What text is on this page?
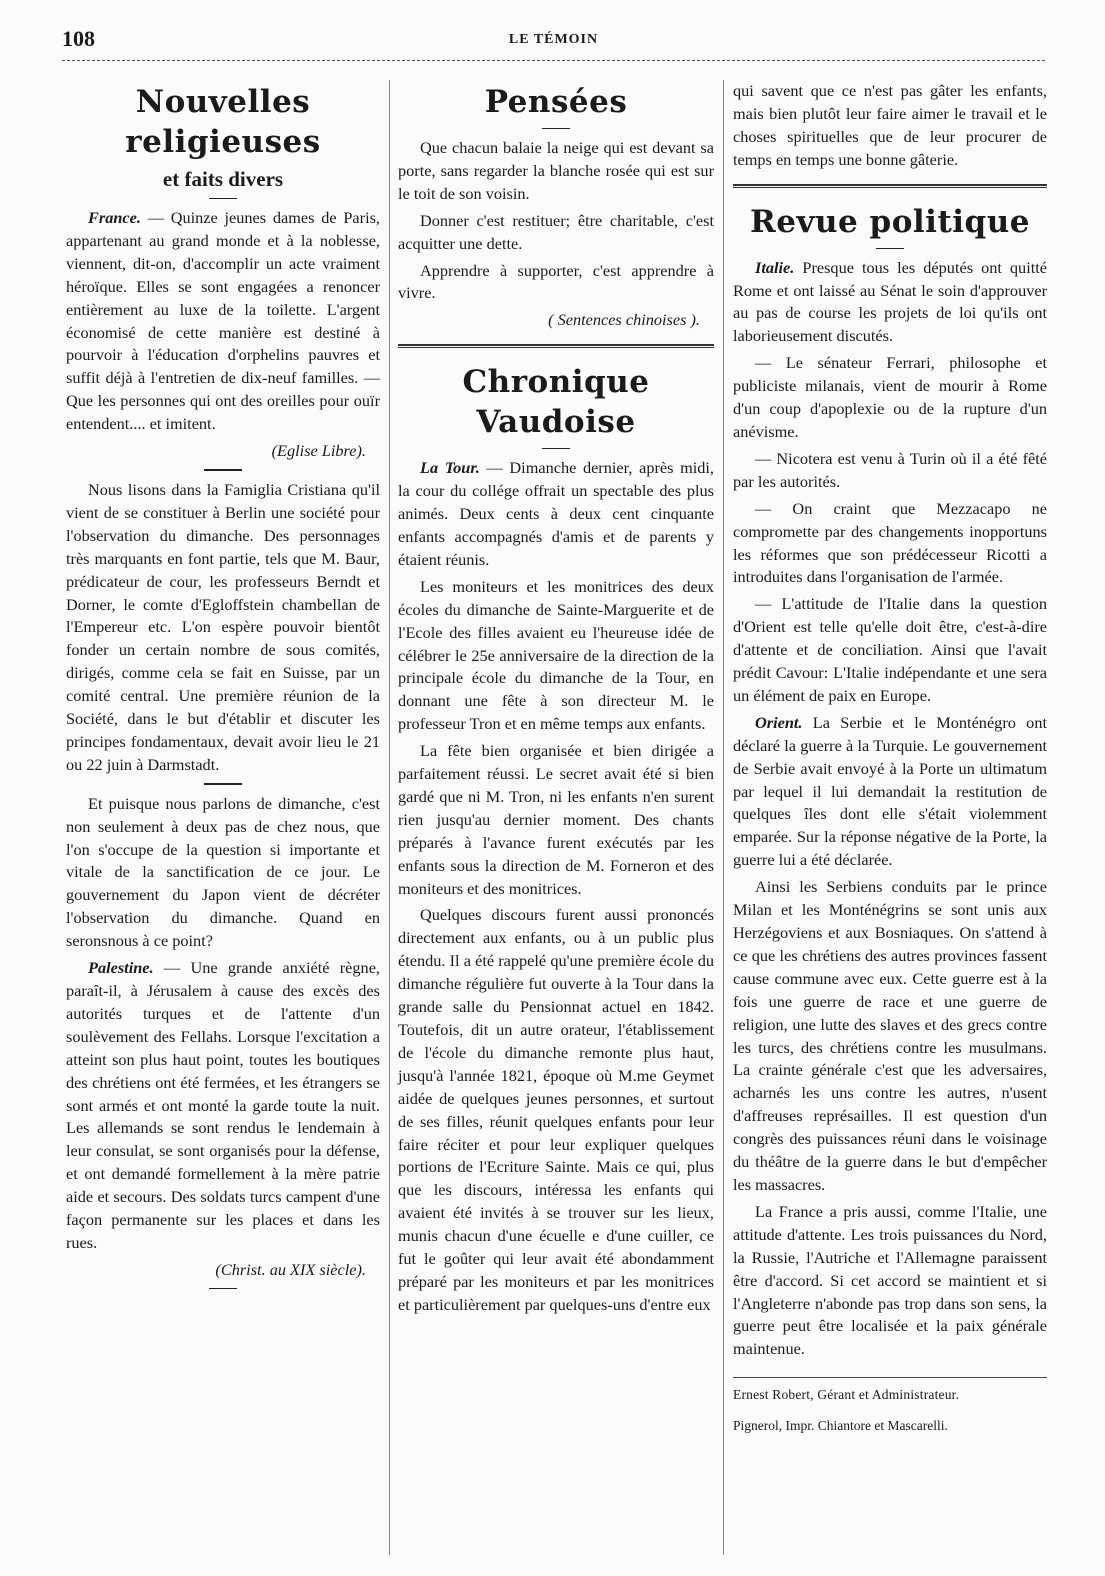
108	LE TÉMOIN
Nouvelles religieuses
et faits divers

France. — Quinze jeunes dames de Paris, appartenant au grand monde et à la noblesse, viennent, dit-on, d'accomplir un acte vraiment héroïque. Elles se sont engagées a renoncer entièrement au luxe de la toilette. L'argent économisé de cette manière est destiné à pourvoir à l'éducation d'orphelins pauvres et suffit déjà à l'entretien de dix-neuf familles. — Que les personnes qui ont des oreilles pour ouïr entendent.... et imitent.

(Eglise Libre).

Nous lisons dans la Famiglia Cristiana qu'il vient de se constituer à Berlin une société pour l'observation du dimanche. Des personnages très marquants en font partie, tels que M. Baur, prédicateur de cour, les professeurs Berndt et Dorner, le comte d'Egloffstein chambellan de l'Empereur etc. L'on espère pouvoir bientôt fonder un certain nombre de sous comités, dirigés, comme cela se fait en Suisse, par un comité central. Une première réunion de la Société, dans le but d'établir et discuter les principes fondamentaux, devait avoir lieu le 21 ou 22 juin à Darmstadt.

Et puisque nous parlons de dimanche, c'est non seulement à deux pas de chez nous, que l'on s'occupe de la question si importante et vitale de la sanctification de ce jour. Le gouvernement du Japon vient de décréter l'observation du dimanche. Quand en seronsnous à ce point?

Palestine. — Une grande anxiété règne, paraît-il, à Jérusalem à cause des excès des autorités turques et de l'attente d'un soulèvement des Fellahs. Lorsque l'excitation a atteint son plus haut point, toutes les boutiques des chrétiens ont été fermées, et les étrangers se sont armés et ont monté la garde toute la nuit. Les allemands se sont rendus le lendemain à leur consulat, se sont organisés pour la défense, et ont demandé formellement à la mère patrie aide et secours. Des soldats turcs campent d'une façon permanente sur les places et dans les rues.

(Christ. au XIX siècle).
Pensées

Que chacun balaie la neige qui est devant sa porte, sans regarder la blanche rosée qui est sur le toit de son voisin.

Donner c'est restituer; être charitable, c'est acquitter une dette.

Apprendre à supporter, c'est apprendre à vivre.

( Sentences chinoises ).
Chronique Vaudoise

La Tour. — Dimanche dernier, après midi, la cour du collége offrait un spectable des plus animés. Deux cents à deux cent cinquante enfants accompagnés d'amis et de parents y étaient réunis.

Les moniteurs et les monitrices des deux écoles du dimanche de Sainte-Marguerite et de l'Ecole des filles avaient eu l'heureuse idée de célébrer le 25e anniversaire de la direction de la principale école du dimanche de la Tour, en donnant une fête à son directeur M. le professeur Tron et en même temps aux enfants.

La fête bien organisée et bien dirigée a parfaitement réussi. Le secret avait été si bien gardé que ni M. Tron, ni les enfants n'en surent rien jusqu'au dernier moment. Des chants préparés à l'avance furent exécutés par les enfants sous la direction de M. Forneron et des moniteurs et des monitrices.

Quelques discours furent aussi prononcés directement aux enfants, ou à un public plus étendu. Il a été rappelé qu'une première école du dimanche régulière fut ouverte à la Tour dans la grande salle du Pensionnat actuel en 1842. Toutefois, dit un autre orateur, l'établissement de l'école du dimanche remonte plus haut, jusqu'à l'année 1821, époque où M.me Geymet aidée de quelques jeunes personnes, et surtout de ses filles, réunit quelques enfants pour leur faire réciter et pour leur expliquer quelques portions de l'Ecriture Sainte. Mais ce qui, plus que les discours, intéressa les enfants qui avaient été invités à se trouver sur les lieux, munis chacun d'une écuelle e d'une cuiller, ce fut le goûter qui leur avait été abondamment préparé par les moniteurs et par les monitrices et particulièrement par quelques-uns d'entre eux

qui savent que ce n'est pas gâter les enfants, mais bien plutôt leur faire aimer le travail et le choses spirituelles que de leur procurer de temps en temps une bonne gâterie.

Revue politique

Italie. Presque tous les députés ont quitté Rome et ont laissé au Sénat le soin d'approuver au pas de course les projets de loi qu'ils ont laborieusement discutés.

— Le sénateur Ferrari, philosophe et publiciste milanais, vient de mourir à Rome d'un coup d'apoplexie ou de la rupture d'un anévisme.

— Nicotera est venu à Turin où il a été fêté par les autorités.

— On craint que Mezzacapo ne compromette par des changements inopportuns les réformes que son prédécesseur Ricotti a introduites dans l'organisation de l'armée.

— L'attitude de l'Italie dans la question d'Orient est telle qu'elle doit être, c'est-à-dire d'attente et de conciliation. Ainsi que l'avait prédit Cavour: L'Italie indépendante et une sera un élément de paix en Europe.

Orient. La Serbie et le Monténégro ont déclaré la guerre à la Turquie. Le gouvernement de Serbie avait envoyé à la Porte un ultimatum par lequel il lui demandait la restitution de quelques îles dont elle s'était violemment emparée. Sur la réponse négative de la Porte, la guerre lui a été déclarée.

Ainsi les Serbiens conduits par le prince Milan et les Monténégrins se sont unis aux Herzégoviens et aux Bosniaques. On s'attend à ce que les chrétiens des autres provinces fassent cause commune avec eux. Cette guerre est à la fois une guerre de race et une guerre de religion, une lutte des slaves et des grecs contre les turcs, des chrétiens contre les musulmans. La crainte générale c'est que les adversaires, acharnés les uns contre les autres, n'usent d'affreuses représailles. Il est question d'un congrès des puissances réuni dans le voisinage du théâtre de la guerre dans le but d'empêcher les massacres.

La France a pris aussi, comme l'Italie, une attitude d'attente. Les trois puissances du Nord, la Russie, l'Autriche et l'Allemagne paraissent être d'accord. Si cet accord se maintient et si l'Angleterre n'abonde pas trop dans son sens, la guerre peut être localisée et la paix générale maintenue.

Ernest Robert, Gérant et Administrateur.

Pignerol, Impr. Chiantore et Mascarelli.
